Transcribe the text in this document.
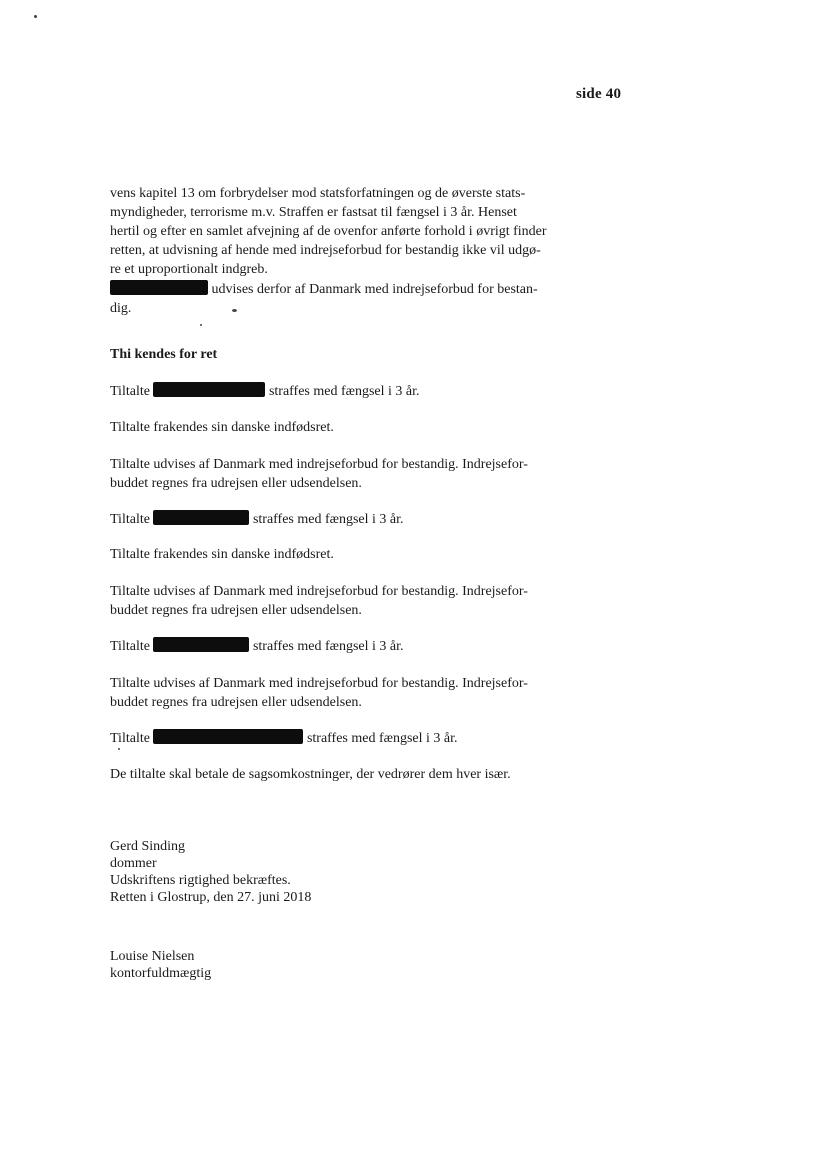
side 40
vens kapitel 13 om forbrydelser mod statsforfatningen og de øverste stats-
myndigheder, terrorisme m.v. Straffen er fastsat til fængsel i 3 år. Henset
hertil og efter en samlet afvejning af de ovenfor anførte forhold i øvrigt finder
retten, at udvisning af hende med indrejseforbud for bestandig ikke vil udgø-
re et uproportionalt indgreb.
udvises derfor af Danmark med indrejseforbud for bestan-
dig.
Thi kendes for ret
Tiltalte	straffes med fængsel i 3 år.
Tiltalte frakendes sin danske indfødsret.
Tiltalte udvises af Danmark med indrejseforbud for bestandig. Indrejsefor-
buddet regnes fra udrejsen eller udsendelsen.
Tiltalte	straffes med fængsel i 3 år.
Tiltalte frakendes sin danske indfødsret.
Tiltalte udvises af Danmark med indrejseforbud for bestandig. Indrejsefor-
buddet regnes fra udrejsen eller udsendelsen.
Tiltalte	straffes med fængsel i 3 år.
Tiltalte udvises af Danmark med indrejseforbud for bestandig. Indrejsefor-
buddet regnes fra udrejsen eller udsendelsen.
Tiltalte	straffes med fængsel i 3 år.
De tiltalte skal betale de sagsomkostninger, der vedrører dem hver især.
Gerd Sinding
dommer
Udskriftens rigtighed bekræftes.
Retten i Glostrup, den 27. juni 2018
Louise Nielsen
kontorfuldmægtig
